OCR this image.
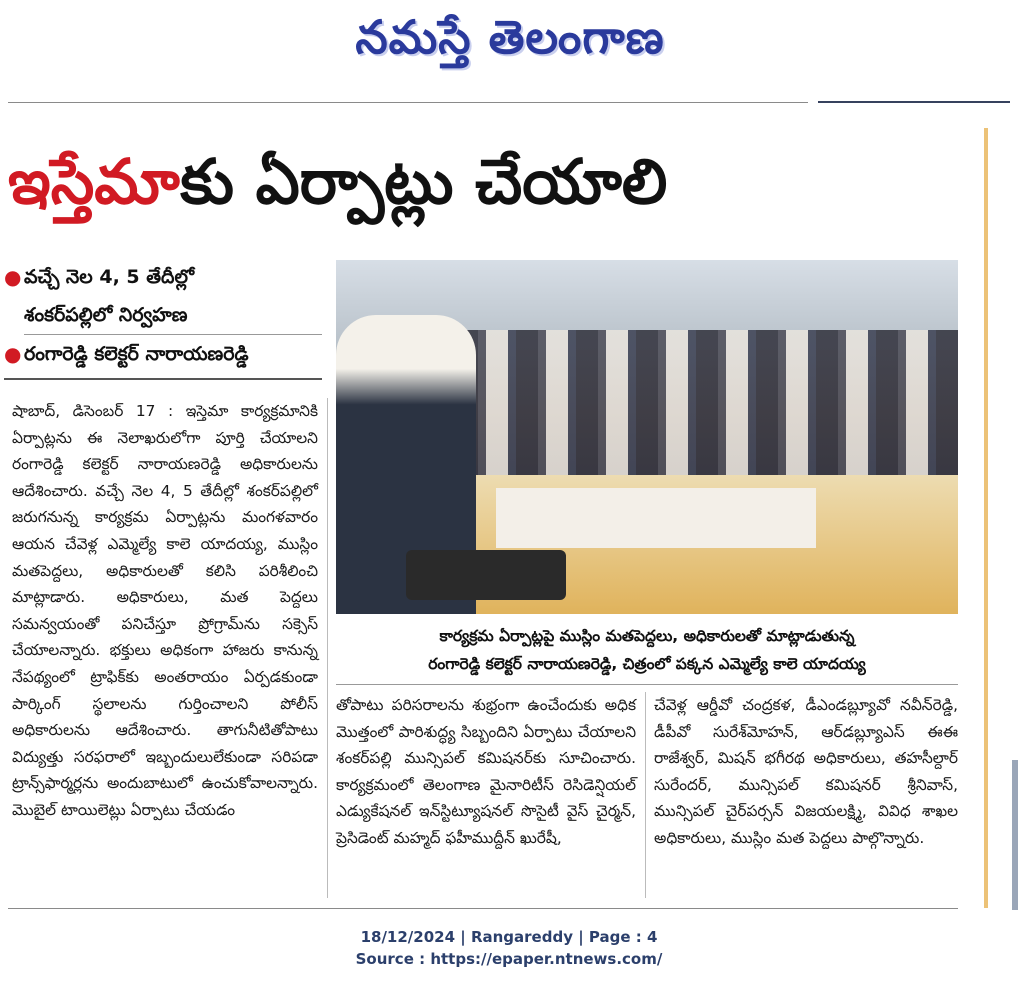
నమస్తే తెలంగాణ
ఇస్తేమాకు ఏర్పాట్లు చేయాలి
● వచ్చే నెల 4, 5 తేదీల్లో
శంకర్‌పల్లిలో నిర్వహణ
● రంగారెడ్డి కలెక్టర్ నారాయణరెడ్డి
కార్యక్రమ ఏర్పాట్లపై ముస్లిం మతపెద్దలు, అధికారులతో మాట్లాడుతున్న
రంగారెడ్డి కలెక్టర్ నారాయణరెడ్డి, చిత్రంలో పక్కన ఎమ్మెల్యే కాలె యాదయ్య

షాబాద్, డిసెంబర్ 17 : ఇస్తెమా కార్యక్రమానికి ఏర్పాట్లను ఈ నెలాఖరులోగా పూర్తి చేయాలని రంగారెడ్డి కలెక్టర్ నారాయణరెడ్డి అధికారులను ఆదేశించారు. వచ్చే నెల 4, 5 తేదీల్లో శంకర్‌పల్లిలో జరుగనున్న కార్యక్రమ ఏర్పాట్లను మంగళవారం ఆయన చేవెళ్ల ఎమ్మెల్యే కాలె యాదయ్య, ముస్లిం మతపెద్దలు, అధికారులతో కలిసి పరిశీలించి మాట్లాడారు. అధికారులు, మత పెద్దలు సమన్వయంతో పనిచేస్తూ ప్రోగ్రామ్‌ను సక్సెస్ చేయాలన్నారు. భక్తులు అధికంగా హాజరు కానున్న నేపథ్యంలో ట్రాఫిక్‌కు అంతరాయం ఏర్పడకుండా పార్కింగ్ స్థలాలను గుర్తించాలని పోలీస్ అధికారులను ఆదేశించారు. తాగునీటితోపాటు విద్యుత్తు సరఫరాలో ఇబ్బందులులేకుండా సరిపడా ట్రాన్స్‌ఫార్మర్లను అందుబాటులో ఉంచుకోవాలన్నారు. మొబైల్ టాయిలెట్లు ఏర్పాటు చేయడం

తోపాటు పరిసరాలను శుభ్రంగా ఉంచేందుకు అధిక మొత్తంలో పారిశుద్ధ్య సిబ్బందిని ఏర్పాటు చేయాలని శంకర్‌పల్లి మున్సిపల్ కమిషనర్‌కు సూచించారు. కార్యక్రమంలో తెలంగాణ మైనారిటీస్ రెసిడెన్షియల్ ఎడ్యుకేషనల్ ఇన్‌స్టిట్యూషనల్ సొసైటీ వైస్ చైర్మన్, ప్రెసిడెంట్ మహ్మద్ ఫహీముద్దీన్ ఖురేషీ,

చేవెళ్ల ఆర్డీవో చంద్రకళ, డీఎండబ్ల్యూవో నవీన్‌రెడ్డి, డీపీవో సురేశ్‌మోహన్, ఆర్‌డబ్ల్యూఎస్ ఈఈ రాజేశ్వర్, మిషన్ భగీరథ అధికారులు, తహసీల్దార్ సురేందర్, మున్సిపల్ కమిషనర్ శ్రీనివాస్, మున్సిపల్ చైర్‌పర్సన్ విజయలక్ష్మి, వివిధ శాఖల అధికారులు, ముస్లిం మత పెద్దలు పాల్గొన్నారు.

18/12/2024 | Rangareddy | Page : 4
Source : https://epaper.ntnews.com/
